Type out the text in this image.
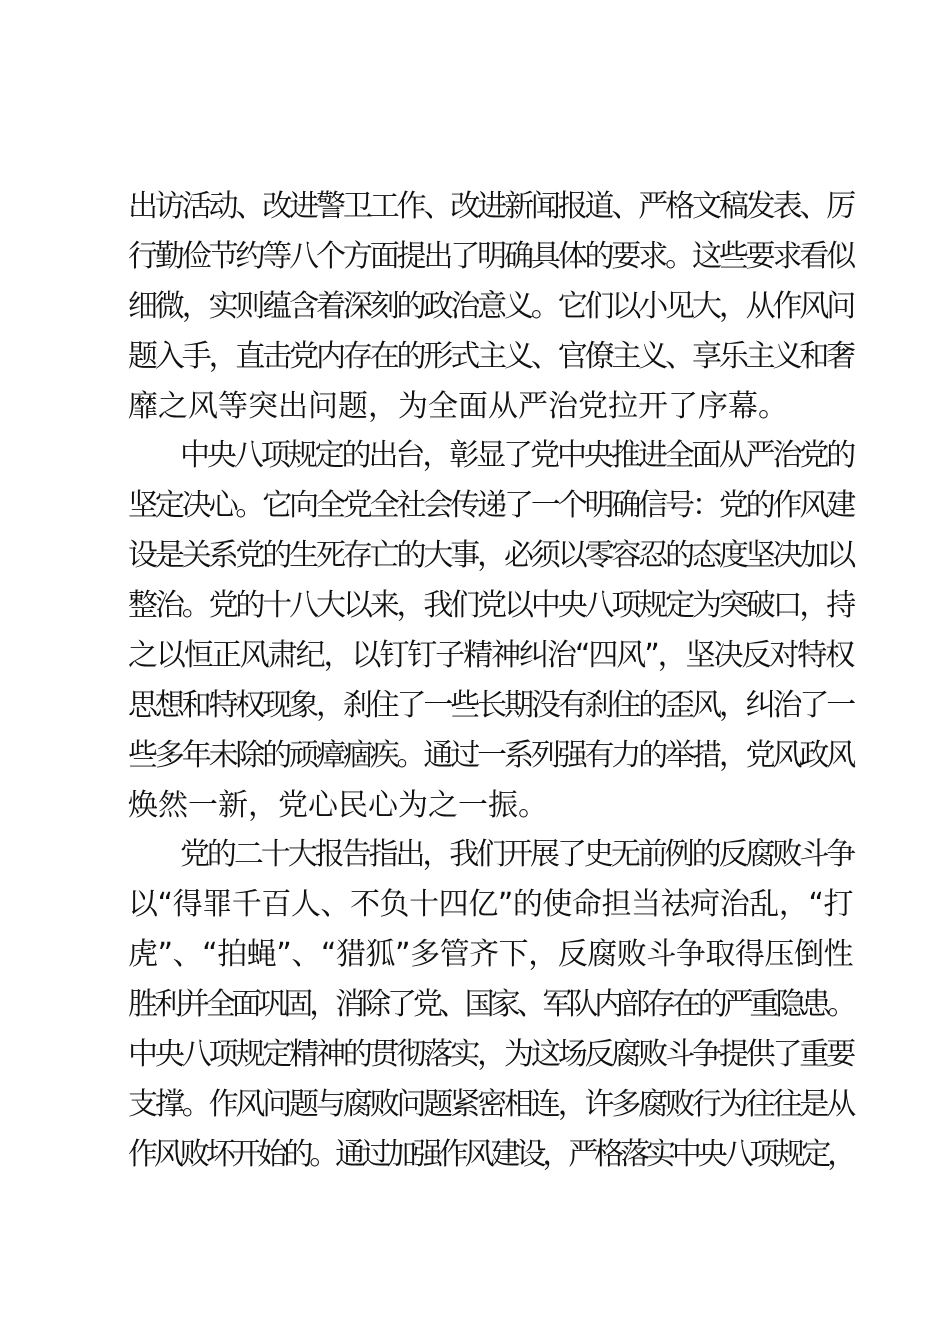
出访活动、改进警卫工作、改进新闻报道、严格文稿发表、厉
行勤俭节约等八个方面提出了明确具体的要求。这些要求看似
细微，实则蕴含着深刻的政治意义。它们以小见大，从作风问
题入手，直击党内存在的形式主义、官僚主义、享乐主义和奢
靡之风等突出问题，为全面从严治党拉开了序幕。
中央八项规定的出台，彰显了党中央推进全面从严治党的
坚定决心。它向全党全社会传递了一个明确信号：党的作风建
设是关系党的生死存亡的大事，必须以零容忍的态度坚决加以
整治。党的十八大以来，我们党以中央八项规定为突破口，持
之以恒正风肃纪，以钉钉子精神纠治“四风”，坚决反对特权
思想和特权现象，刹住了一些长期没有刹住的歪风，纠治了一
些多年未除的顽瘴痼疾。通过一系列强有力的举措，党风政风
焕然一新，党心民心为之一振。
党的二十大报告指出，我们开展了史无前例的反腐败斗争
以“得罪千百人、不负十四亿”的使命担当祛疴治乱，“打
虎”、“拍蝇”、“猎狐”多管齐下，反腐败斗争取得压倒性
胜利并全面巩固，消除了党、国家、军队内部存在的严重隐患。
中央八项规定精神的贯彻落实，为这场反腐败斗争提供了重要
支撑。作风问题与腐败问题紧密相连，许多腐败行为往往是从
作风败坏开始的。通过加强作风建设，严格落实中央八项规定，
